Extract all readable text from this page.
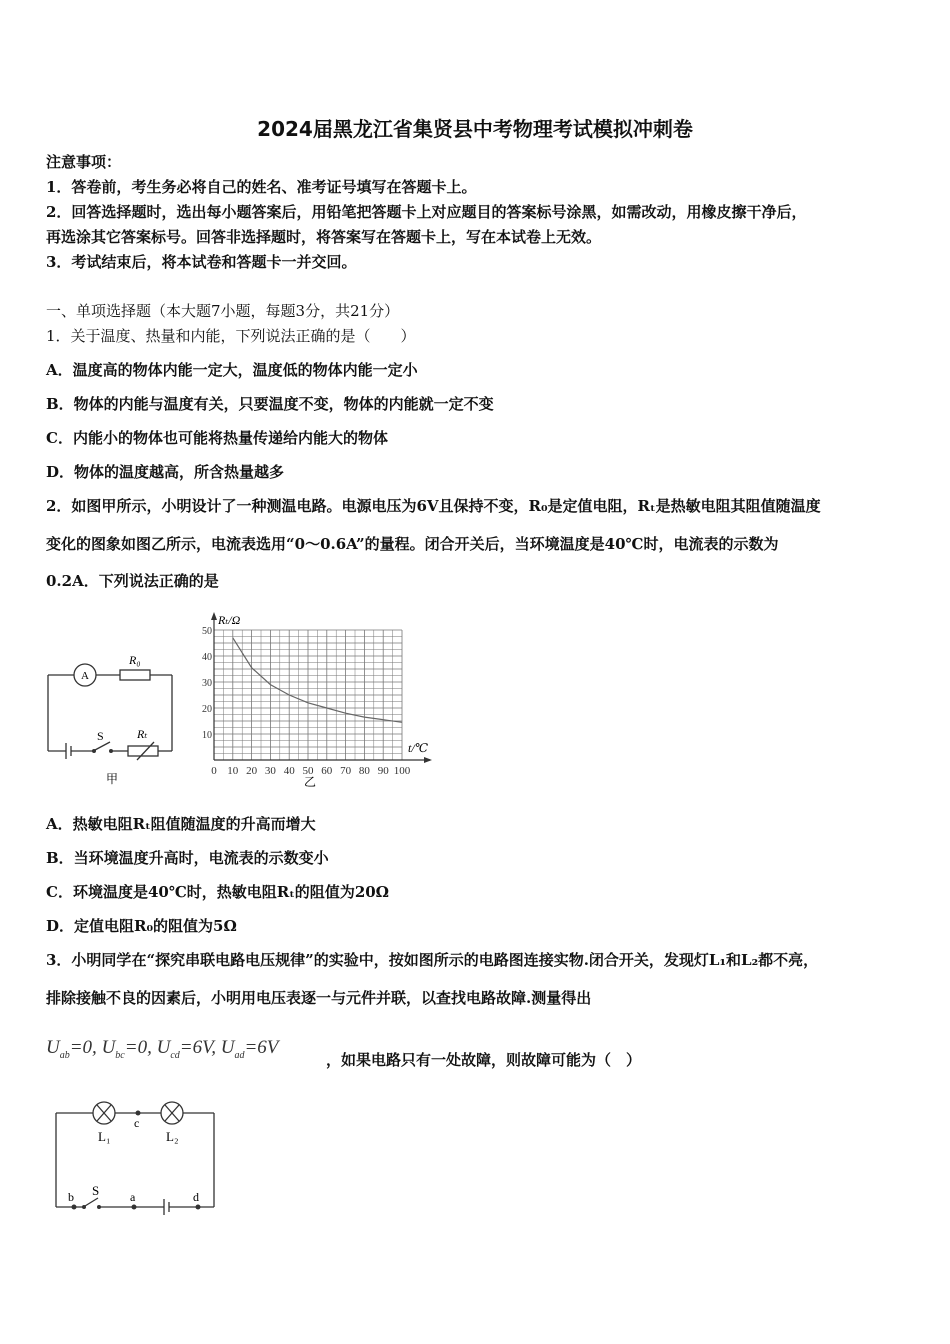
2024届黑龙江省集贤县中考物理考试模拟冲刺卷
注意事项：
1．答卷前，考生务必将自己的姓名、准考证号填写在答题卡上。
2．回答选择题时，选出每小题答案后，用铅笔把答题卡上对应题目的答案标号涂黑，如需改动，用橡皮擦干净后，
再选涂其它答案标号。回答非选择题时，将答案写在答题卡上，写在本试卷上无效。
3．考试结束后，将本试卷和答题卡一并交回。
一、单项选择题（本大题7小题，每题3分，共21分）
1．关于温度、热量和内能，下列说法正确的是（　　）
A．温度高的物体内能一定大，温度低的物体内能一定小
B．物体的内能与温度有关，只要温度不变，物体的内能就一定不变
C．内能小的物体也可能将热量传递给内能大的物体
D．物体的温度越高，所含热量越多
2．如图甲所示，小明设计了一种测温电路。电源电压为6V且保持不变，R₀是定值电阻，Rₜ是热敏电阻其阻值随温度
变化的图象如图乙所示，电流表选用“0～0.6A”的量程。闭合开关后，当环境温度是40℃时，电流表的示数为
0.2A．下列说法正确的是
A
R₀
S	Rₜ
甲
10
20
30
40
50
0 10 20 30 40 50 60 70 80 90 100
Rₜ/Ω
t/℃
乙
A．热敏电阻Rₜ阻值随温度的升高而增大
B．当环境温度升高时，电流表的示数变小
C．环境温度是40℃时，热敏电阻Rₜ的阻值为20Ω
D．定值电阻R₀的阻值为5Ω
3．小明同学在“探究串联电路电压规律”的实验中，按如图所示的电路图连接实物.闭合开关，发现灯L₁和L₂都不亮，
排除接触不良的因素后，小明用电压表逐一与元件并联，以查找电路故障.测量得出
$U_{ab}=0$, $U_{bc}=0$, $U_{cd}=6V$, $U_{ad}=6V$
，如果电路只有一处故障，则故障可能为（　）
L₁	L₂
c
b S	a	d
